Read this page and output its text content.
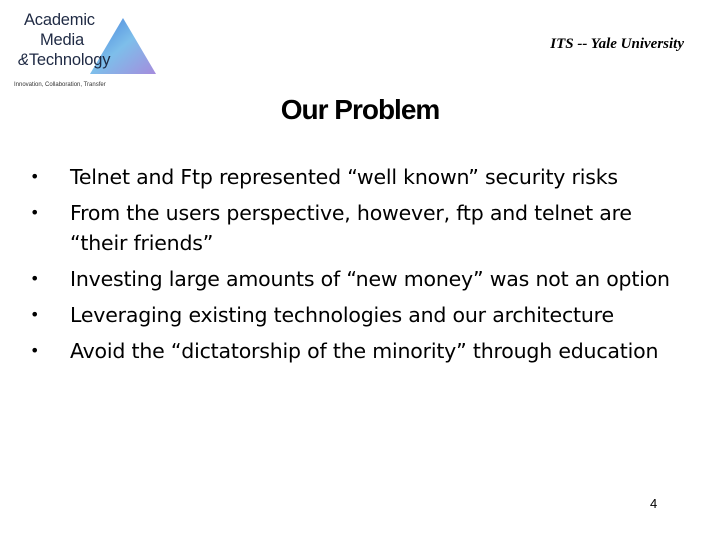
Academic
Media
&Technology
Innovation, Collaboration, Transfer
ITS -- Yale University
Our Problem
• Telnet and Ftp represented “well known” security risks
• From the users perspective, however, ftp and telnet are “their friends”
• Investing large amounts of “new money” was not an option
• Leveraging existing technologies and our architecture
• Avoid the “dictatorship of the minority” through education
4
